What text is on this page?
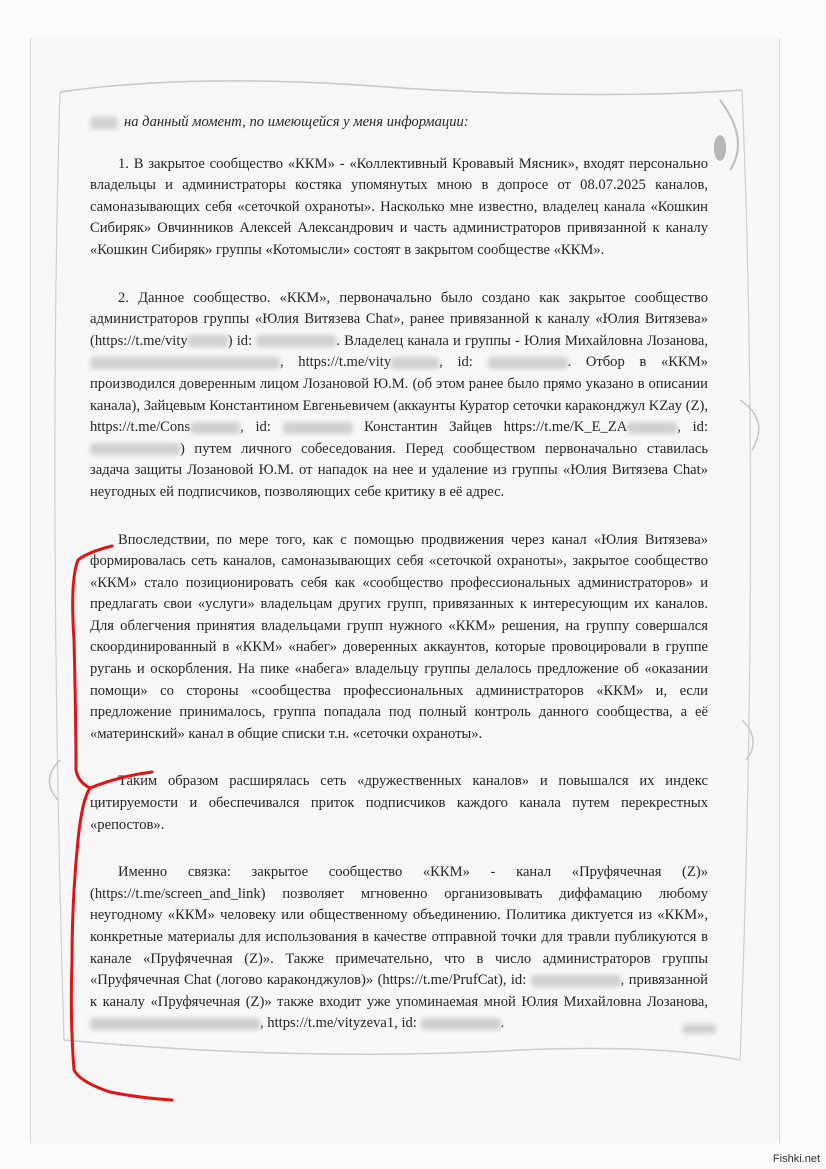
на данный момент, по имеющейся у меня информации:

1. В закрытое сообщество «ККМ» - «Коллективный Кровавый Мясник», входят персонально владельцы и администраторы костяка упомянутых мною в допросе от 08.07.2025 каналов, самоназывающих себя «сеточкой охраноты». Насколько мне известно, владелец канала «Кошкин Сибиряк» Овчинников Алексей Александрович и часть администраторов привязанной к каналу «Кошкин Сибиряк» группы «Котомысли» состоят в закрытом сообществе «ККМ».

2. Данное сообщество. «ККМ», первоначально было создано как закрытое сообщество администраторов группы «Юлия Витязева Chat», ранее привязанной к каналу «Юлия Витязева» (https://t.me/vity	) id:	. Владелец канала и группы - Юлия Михайловна Лозанова, , https://t.me/vity	, id:	. Отбор в «ККМ» производился доверенным лицом Лозановой Ю.М. (об этом ранее было прямо указано в описании канала), Зайцевым Константином Евгеньевичем (аккаунты Куратор сеточки караконджул KZay (Z), https://t.me/Cons	, id:	Константин Зайцев https://t.me/K_E_ZA	, id: ) путем личного собеседования. Перед сообществом первоначально ставилась задача защиты Лозановой Ю.М. от нападок на нее и удаление из группы «Юлия Витязева Chat» неугодных ей подписчиков, позволяющих себе критику в её адрес.

Впоследствии, по мере того, как с помощью продвижения через канал «Юлия Витязева» формировалась сеть каналов, самоназывающих себя «сеточкой охраноты», закрытое сообщество «ККМ» стало позиционировать себя как «сообщество профессиональных администраторов» и предлагать свои «услуги» владельцам других групп, привязанных к интересующим их каналов. Для облегчения принятия владельцами групп нужного «ККМ» решения, на группу совершался скоординированный в «ККМ» «набег» доверенных аккаунтов, которые провоцировали в группе ругань и оскорбления. На пике «набега» владельцу группы делалось предложение об «оказании помощи» со стороны «сообщества профессиональных администраторов «ККМ» и, если предложение принималось, группа попадала под полный контроль данного сообщества, а её «материнский» канал в общие списки т.н. «сеточки охраноты».

Таким образом расширялась сеть «дружественных каналов» и повышался их индекс цитируемости и обеспечивался приток подписчиков каждого канала путем перекрестных «репостов».

Именно связка: закрытое сообщество «ККМ» - канал «Пруфячечная (Z)» (https://t.me/screen_and_link) позволяет мгновенно организовывать диффамацию любому неугодному «ККМ» человеку или общественному объединению. Политика диктуется из «ККМ», конкретные материалы для использования в качестве отправной точки для травли публикуются в канале «Пруфячечная (Z)». Также примечательно, что в число администраторов группы «Пруфячечная Chat (логово караконджулов)» (https://t.me/PrufCat), id:	, привязанной к каналу «Пруфячечная (Z)» также входит уже упоминаемая мной Юлия Михайловна Лозанова, , https://t.me/vityzeva1, id:	.

Fishki.net
